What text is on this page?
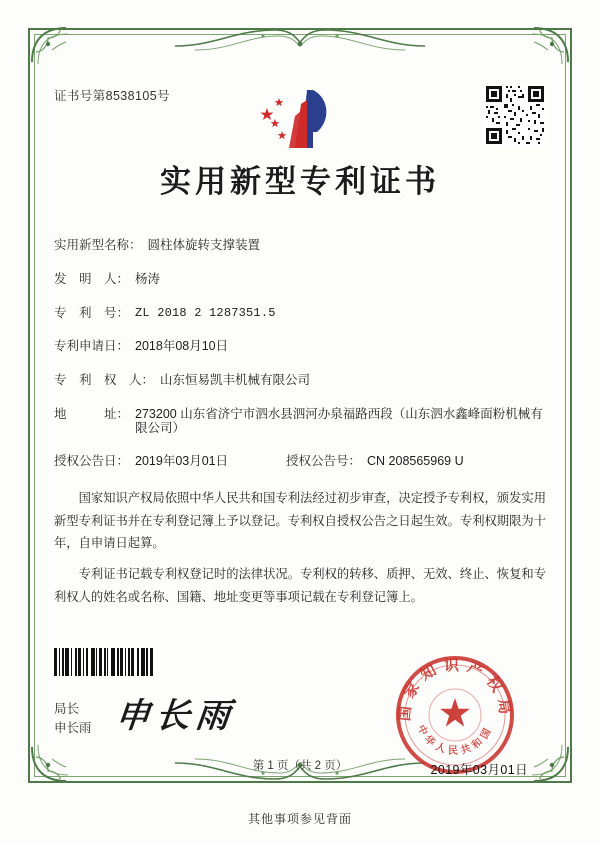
证书号第8538105号
实用新型专利证书
实用新型名称： 圆柱体旋转支撑装置
发　明　人： 杨涛
专　利　号： ZL 2018 2 1287351.5
专利申请日： 2018年08月10日
专　利　权　人： 山东恒易凯丰机械有限公司
地　　　址： 273200 山东省济宁市泗水县泗河办泉福路西段（山东泗水鑫峰面粉机械有限公司）
授权公告日： 2019年03月01日	授权公告号： CN 208565969 U

国家知识产权局依照中华人民共和国专利法经过初步审查，决定授予专利权，颁发实用新型专利证书并在专利登记簿上予以登记。专利权自授权公告之日起生效。专利权期限为十年，自申请日起算。

专利证书记载专利权登记时的法律状况。专利权的转移、质押、无效、终止、恢复和专利权人的姓名或名称、国籍、地址变更等事项记载在专利登记簿上。

局长
申长雨 申长雨	国家知识产权局
中华人民共和国
2019年03月01日
第 1 页（共 2 页）
其他事项参见背面
